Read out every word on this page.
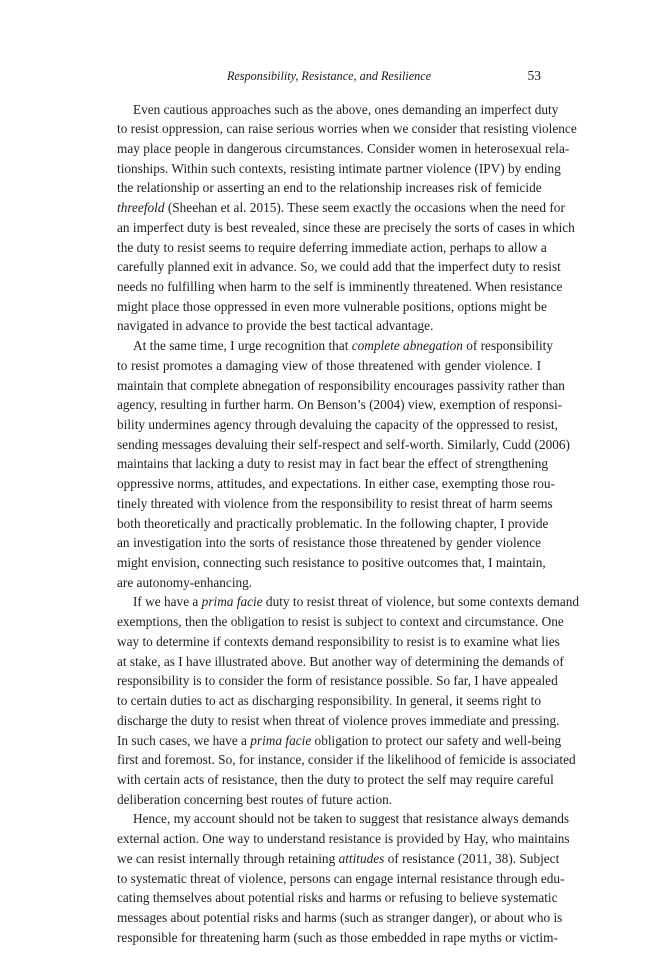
Responsibility, Resistance, and Resilience	53
Even cautious approaches such as the above, ones demanding an imperfect duty
to resist oppression, can raise serious worries when we consider that resisting violence
may place people in dangerous circumstances. Consider women in heterosexual rela-
tionships. Within such contexts, resisting intimate partner violence (IPV) by ending
the relationship or asserting an end to the relationship increases risk of femicide
threefold (Sheehan et al. 2015). These seem exactly the occasions when the need for
an imperfect duty is best revealed, since these are precisely the sorts of cases in which
the duty to resist seems to require deferring immediate action, perhaps to allow a
carefully planned exit in advance. So, we could add that the imperfect duty to resist
needs no fulfilling when harm to the self is imminently threatened. When resistance
might place those oppressed in even more vulnerable positions, options might be
navigated in advance to provide the best tactical advantage.
At the same time, I urge recognition that complete abnegation of responsibility
to resist promotes a damaging view of those threatened with gender violence. I
maintain that complete abnegation of responsibility encourages passivity rather than
agency, resulting in further harm. On Benson’s (2004) view, exemption of responsi-
bility undermines agency through devaluing the capacity of the oppressed to resist,
sending messages devaluing their self-respect and self-worth. Similarly, Cudd (2006)
maintains that lacking a duty to resist may in fact bear the effect of strengthening
oppressive norms, attitudes, and expectations. In either case, exempting those rou-
tinely threated with violence from the responsibility to resist threat of harm seems
both theoretically and practically problematic. In the following chapter, I provide
an investigation into the sorts of resistance those threatened by gender violence
might envision, connecting such resistance to positive outcomes that, I maintain,
are autonomy-enhancing.
If we have a prima facie duty to resist threat of violence, but some contexts demand
exemptions, then the obligation to resist is subject to context and circumstance. One
way to determine if contexts demand responsibility to resist is to examine what lies
at stake, as I have illustrated above. But another way of determining the demands of
responsibility is to consider the form of resistance possible. So far, I have appealed
to certain duties to act as discharging responsibility. In general, it seems right to
discharge the duty to resist when threat of violence proves immediate and pressing.
In such cases, we have a prima facie obligation to protect our safety and well-being
first and foremost. So, for instance, consider if the likelihood of femicide is associated
with certain acts of resistance, then the duty to protect the self may require careful
deliberation concerning best routes of future action.
Hence, my account should not be taken to suggest that resistance always demands
external action. One way to understand resistance is provided by Hay, who maintains
we can resist internally through retaining attitudes of resistance (2011, 38). Subject
to systematic threat of violence, persons can engage internal resistance through edu-
cating themselves about potential risks and harms or refusing to believe systematic
messages about potential risks and harms (such as stranger danger), or about who is
responsible for threatening harm (such as those embedded in rape myths or victim-
